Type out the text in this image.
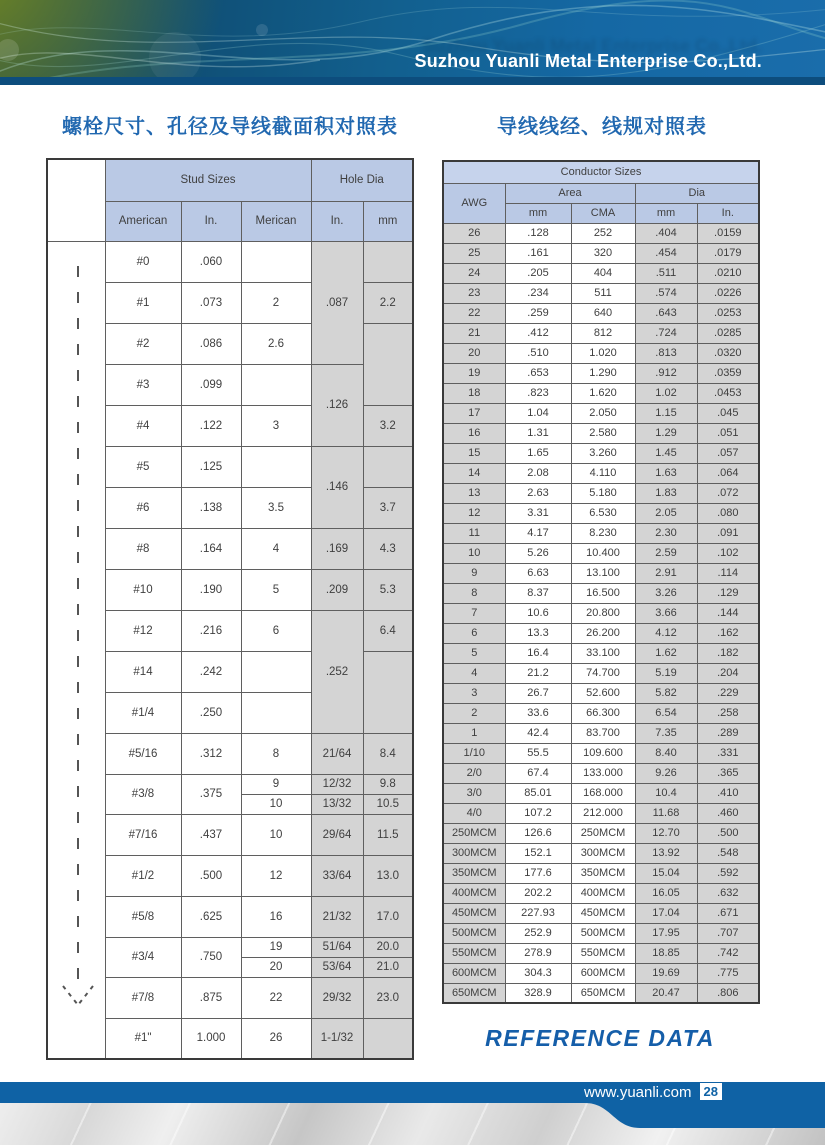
Suzhou Yuanli Metal Enterprise Co.,Ltd.
Suzhou Yuanli Metal Enterprise Co.,Ltd.
螺栓尺寸、孔径及导线截面积对照表	导线线经、线规对照表
	Stud Sizes			Hole Dia	
	American	In.	Merican	In.	mm

	#0	.060		.087	
	#1	.073	2		2.2
	#2	.086	2.6		
	#3	.099		.126	
	#4	.122	3		3.2
	#5	.125		.146	
	#6	.138	3.5		3.7
	#8	.164	4	.169	4.3
	#10	.190	5	.209	5.3
	#12	.216	6	.252	6.4
	#14	.242			
	#1/4	.250			
	#5/16	.312	8	21/64	8.4
	#3/8	.375	9	12/32	9.8
			10	13/32	10.5
	#7/16	.437	10	29/64	11.5
	#1/2	.500	12	33/64	13.0
	#5/8	.625	16	21/32	17.0
	#3/4	.750	19	51/64	20.0
			20	53/64	21.0
	#7/8	.875	22	29/32	23.0
	#1"	1.000	26	1-1/32	
Conductor Sizes				
AWG	Area		Dia	
	mm	CMA	mm	In.
26	.128	252	.404	.0159
25	.161	320	.454	.0179
24	.205	404	.511	.0210
23	.234	511	.574	.0226
22	.259	640	.643	.0253
21	.412	812	.724	.0285
20	.510	1.020	.813	.0320
19	.653	1.290	.912	.0359
18	.823	1.620	1.02	.0453
17	1.04	2.050	1.15	.045
16	1.31	2.580	1.29	.051
15	1.65	3.260	1.45	.057
14	2.08	4.110	1.63	.064
13	2.63	5.180	1.83	.072
12	3.31	6.530	2.05	.080
11	4.17	8.230	2.30	.091
10	5.26	10.400	2.59	.102
9	6.63	13.100	2.91	.114
8	8.37	16.500	3.26	.129
7	10.6	20.800	3.66	.144
6	13.3	26.200	4.12	.162
5	16.4	33.100	1.62	.182
4	21.2	74.700	5.19	.204
3	26.7	52.600	5.82	.229
2	33.6	66.300	6.54	.258
1	42.4	83.700	7.35	.289
1/10	55.5	109.600	8.40	.331
2/0	67.4	133.000	9.26	.365
3/0	85.01	168.000	10.4	.410
4/0	107.2	212.000	11.68	.460
250MCM	126.6	250MCM	12.70	.500
300MCM	152.1	300MCM	13.92	.548
350MCM	177.6	350MCM	15.04	.592
400MCM	202.2	400MCM	16.05	.632
450MCM	227.93	450MCM	17.04	.671
500MCM	252.9	500MCM	17.95	.707
550MCM	278.9	550MCM	18.85	.742
600MCM	304.3	600MCM	19.69	.775
650MCM	328.9	650MCM	20.47	.806
REFERENCE DATA
www.yuanli.com 28
